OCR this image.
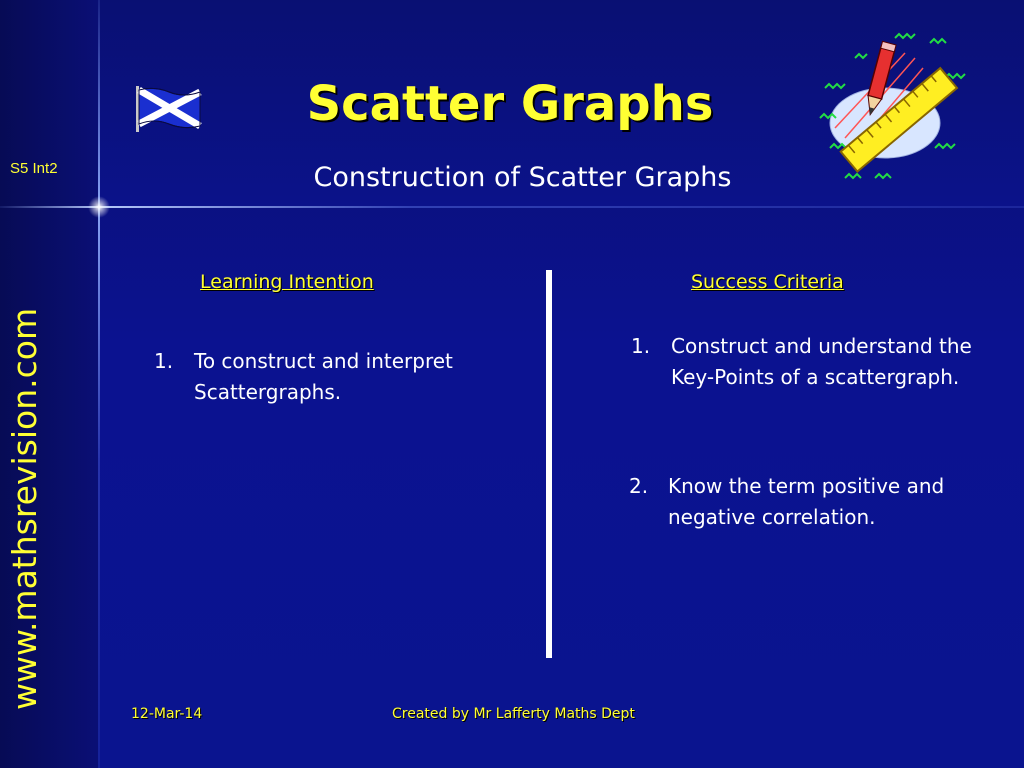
Scatter Graphs
Construction of Scatter Graphs
S5 Int2
www.mathsrevision.com
Learning Intention	Success Criteria
1. To construct and interpret Scattergraphs.
1. Construct and understand the Key-Points of a scattergraph.
2. Know the term positive and negative correlation.
12-Mar-14	Created by Mr Lafferty Maths Dept
